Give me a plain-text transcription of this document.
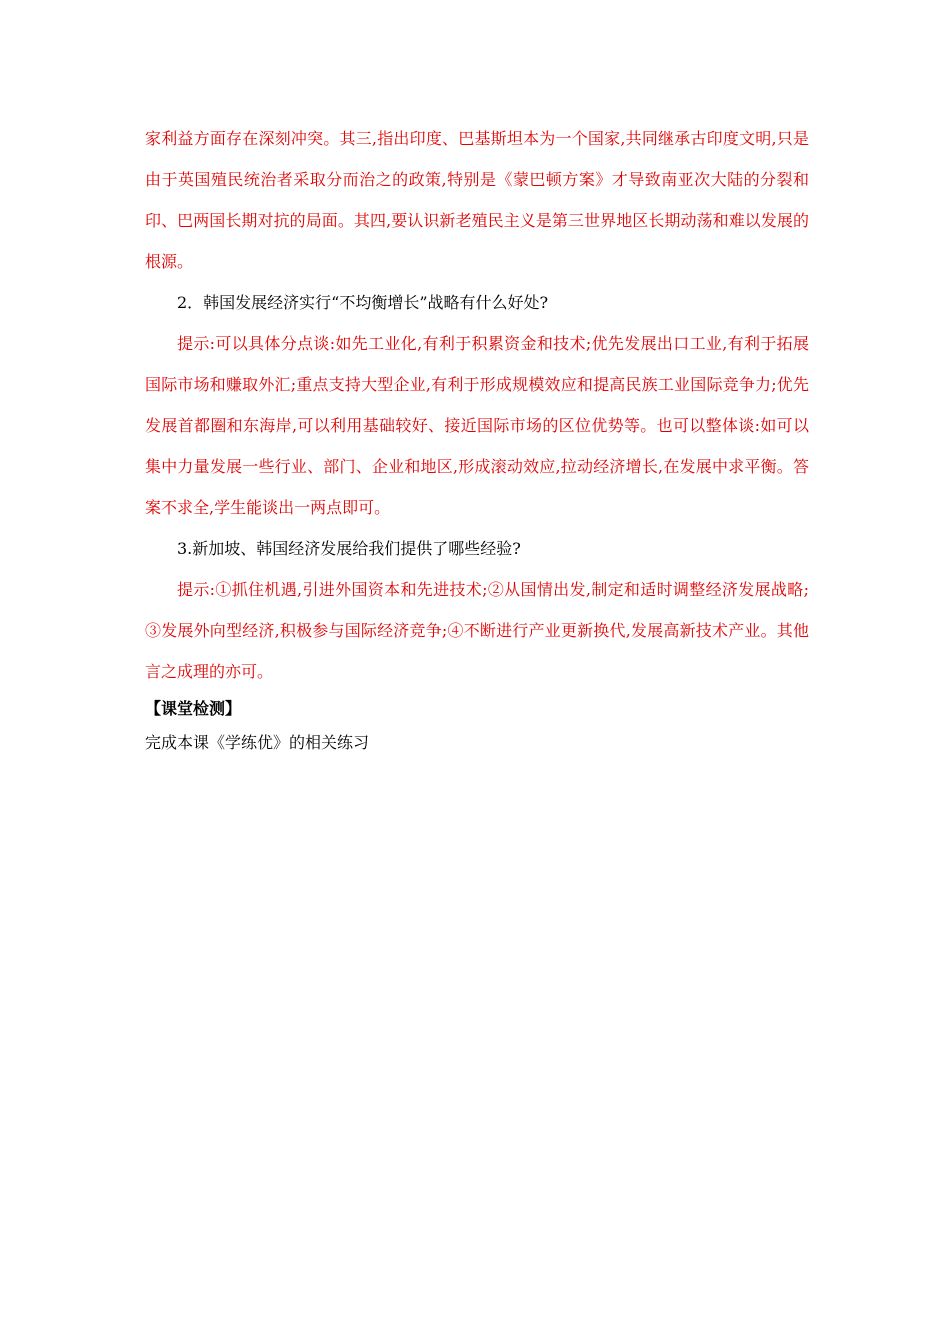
家利益方面存在深刻冲突。其三,指出印度、巴基斯坦本为一个国家,共同继承古印度文明,只是由于英国殖民统治者采取分而治之的政策,特别是《蒙巴顿方案》才导致南亚次大陆的分裂和印、巴两国长期对抗的局面。其四,要认识新老殖民主义是第三世界地区长期动荡和难以发展的根源。

2．韩国发展经济实行“不均衡增长”战略有什么好处?

提示:可以具体分点谈:如先工业化,有利于积累资金和技术;优先发展出口工业,有利于拓展国际市场和赚取外汇;重点支持大型企业,有利于形成规模效应和提高民族工业国际竞争力;优先发展首都圈和东海岸,可以利用基础较好、接近国际市场的区位优势等。也可以整体谈:如可以集中力量发展一些行业、部门、企业和地区,形成滚动效应,拉动经济增长,在发展中求平衡。答案不求全,学生能谈出一两点即可。

3.新加坡、韩国经济发展给我们提供了哪些经验?

提示:①抓住机遇,引进外国资本和先进技术;②从国情出发,制定和适时调整经济发展战略;③发展外向型经济,积极参与国际经济竞争;④不断进行产业更新换代,发展高新技术产业。其他言之成理的亦可。

【课堂检测】

完成本课《学练优》的相关练习
